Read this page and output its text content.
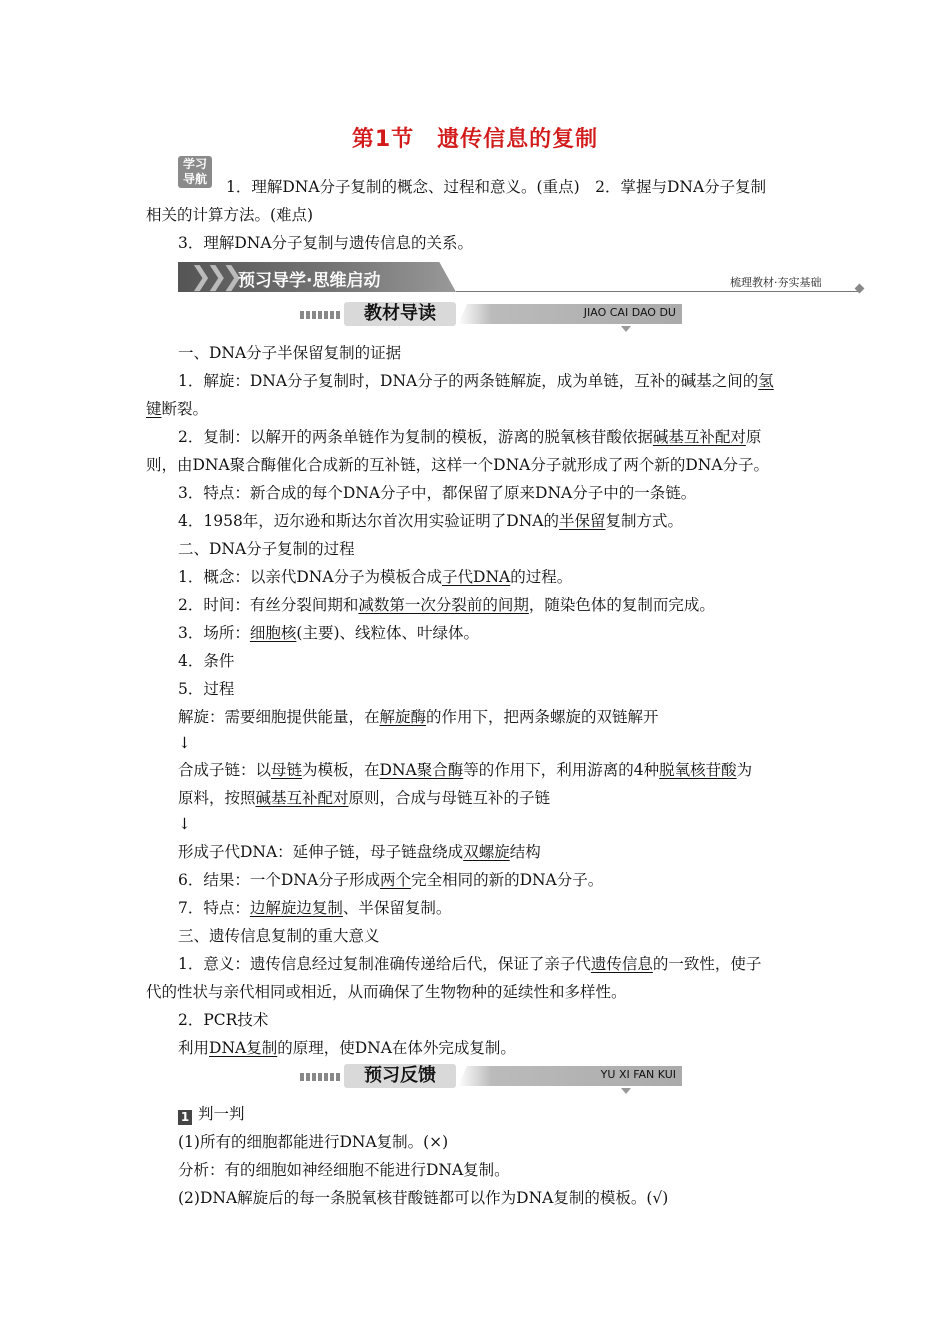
第1节　遗传信息的复制
学习导航	1．理解DNA分子复制的概念、过程和意义。(重点)　2．掌握与DNA分子复制
相关的计算方法。(难点)
3．理解DNA分子复制与遗传信息的关系。
❯❯❯ 预习导学·思维启动	梳理教材·夯实基础
教材导读	JIAO CAI DAO DU
一、DNA分子半保留复制的证据
1．解旋：DNA分子复制时，DNA分子的两条链解旋，成为单链，互补的碱基之间的氢
键断裂。
2．复制：以解开的两条单链作为复制的模板，游离的脱氧核苷酸依据碱基互补配对原
则，由DNA聚合酶催化合成新的互补链，这样一个DNA分子就形成了两个新的DNA分子。
3．特点：新合成的每个DNA分子中，都保留了原来DNA分子中的一条链。
4．1958年，迈尔逊和斯达尔首次用实验证明了DNA的半保留复制方式。
二、DNA分子复制的过程
1．概念：以亲代DNA分子为模板合成子代DNA的过程。
2．时间：有丝分裂间期和减数第一次分裂前的间期，随染色体的复制而完成。
3．场所：细胞核(主要)、线粒体、叶绿体。
4．条件
5．过程
解旋：需要细胞提供能量，在解旋酶的作用下，把两条螺旋的双链解开
↓
合成子链：以母链为模板，在DNA聚合酶等的作用下，利用游离的4种脱氧核苷酸为
原料，按照碱基互补配对原则，合成与母链互补的子链
↓
形成子代DNA：延伸子链，母子链盘绕成双螺旋结构
6．结果：一个DNA分子形成两个完全相同的新的DNA分子。
7．特点：边解旋边复制、半保留复制。
三、遗传信息复制的重大意义
1．意义：遗传信息经过复制准确传递给后代，保证了亲子代遗传信息的一致性，使子
代的性状与亲代相同或相近，从而确保了生物物种的延续性和多样性。
2．PCR技术
利用DNA复制的原理，使DNA在体外完成复制。
预习反馈	YU XI FAN KUI
1 判一判
(1)所有的细胞都能进行DNA复制。(×)
分析：有的细胞如神经细胞不能进行DNA复制。
(2)DNA解旋后的每一条脱氧核苷酸链都可以作为DNA复制的模板。(√)
